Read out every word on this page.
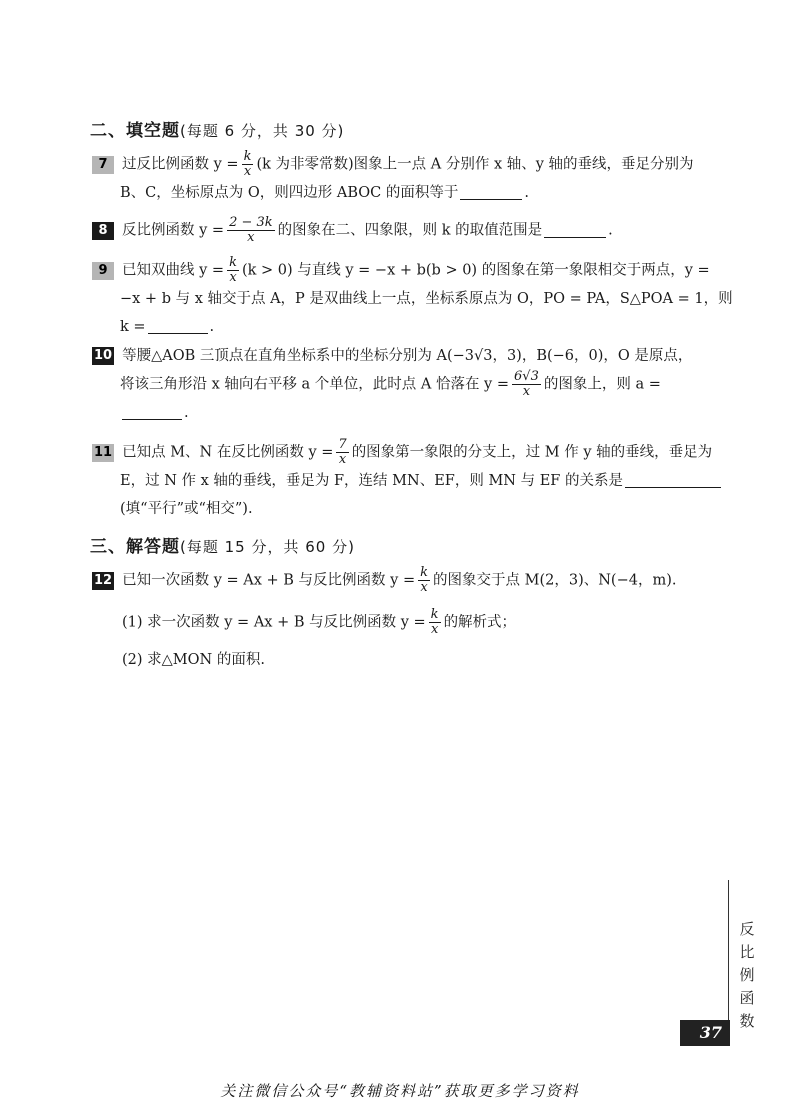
二、填空题(每题 6 分，共 30 分)
7 过反比例函数 $y = \frac{k}{x} (k$ 为非零常数)图象上一点 A 分别作 x 轴、y 轴的垂线，垂足分别为
B、C，坐标原点为 O，则四边形 ABOC 的面积等于	.
8 反比例函数 $y = \frac{2 - 3k}{x}$ 的图象在二、四象限，则 k 的取值范围是	.
9 已知双曲线 $y = \frac{k}{x} (k > 0)$ 与直线 y = −x + b(b > 0) 的图象在第一象限相交于两点，y =
−x + b 与 x 轴交于点 A，P 是双曲线上一点，坐标系原点为 O，PO = PA，S△POA = 1，则
k =	.
10 等腰△AOB 三顶点在直角坐标系中的坐标分别为 A(−3√3，3)，B(−6，0)，O 是原点，
将该三角形沿 x 轴向右平移 a 个单位，此时点 A 恰落在 $y = \frac{6√3}{x}$ 的图象上，则 a =
.
11 已知点 M、N 在反比例函数 $y = \frac{7}{x}$ 的图象第一象限的分支上，过 M 作 y 轴的垂线，垂足为
E，过 N 作 x 轴的垂线，垂足为 F，连结 MN、EF，则 MN 与 EF 的关系是
(填“平行”或“相交”).
三、解答题(每题 15 分，共 60 分)
12 已知一次函数 y = Ax + B 与反比例函数 $y = \frac{k}{x}$ 的图象交于点 M(2，3)、N(−4，m).
(1) 求一次函数 y = Ax + B 与反比例函数 $y = \frac{k}{x}$ 的解析式；
(2) 求△MON 的面积.
反
比
例
函
数
37
关注微信公众号“教辅资料站”获取更多学习资料
